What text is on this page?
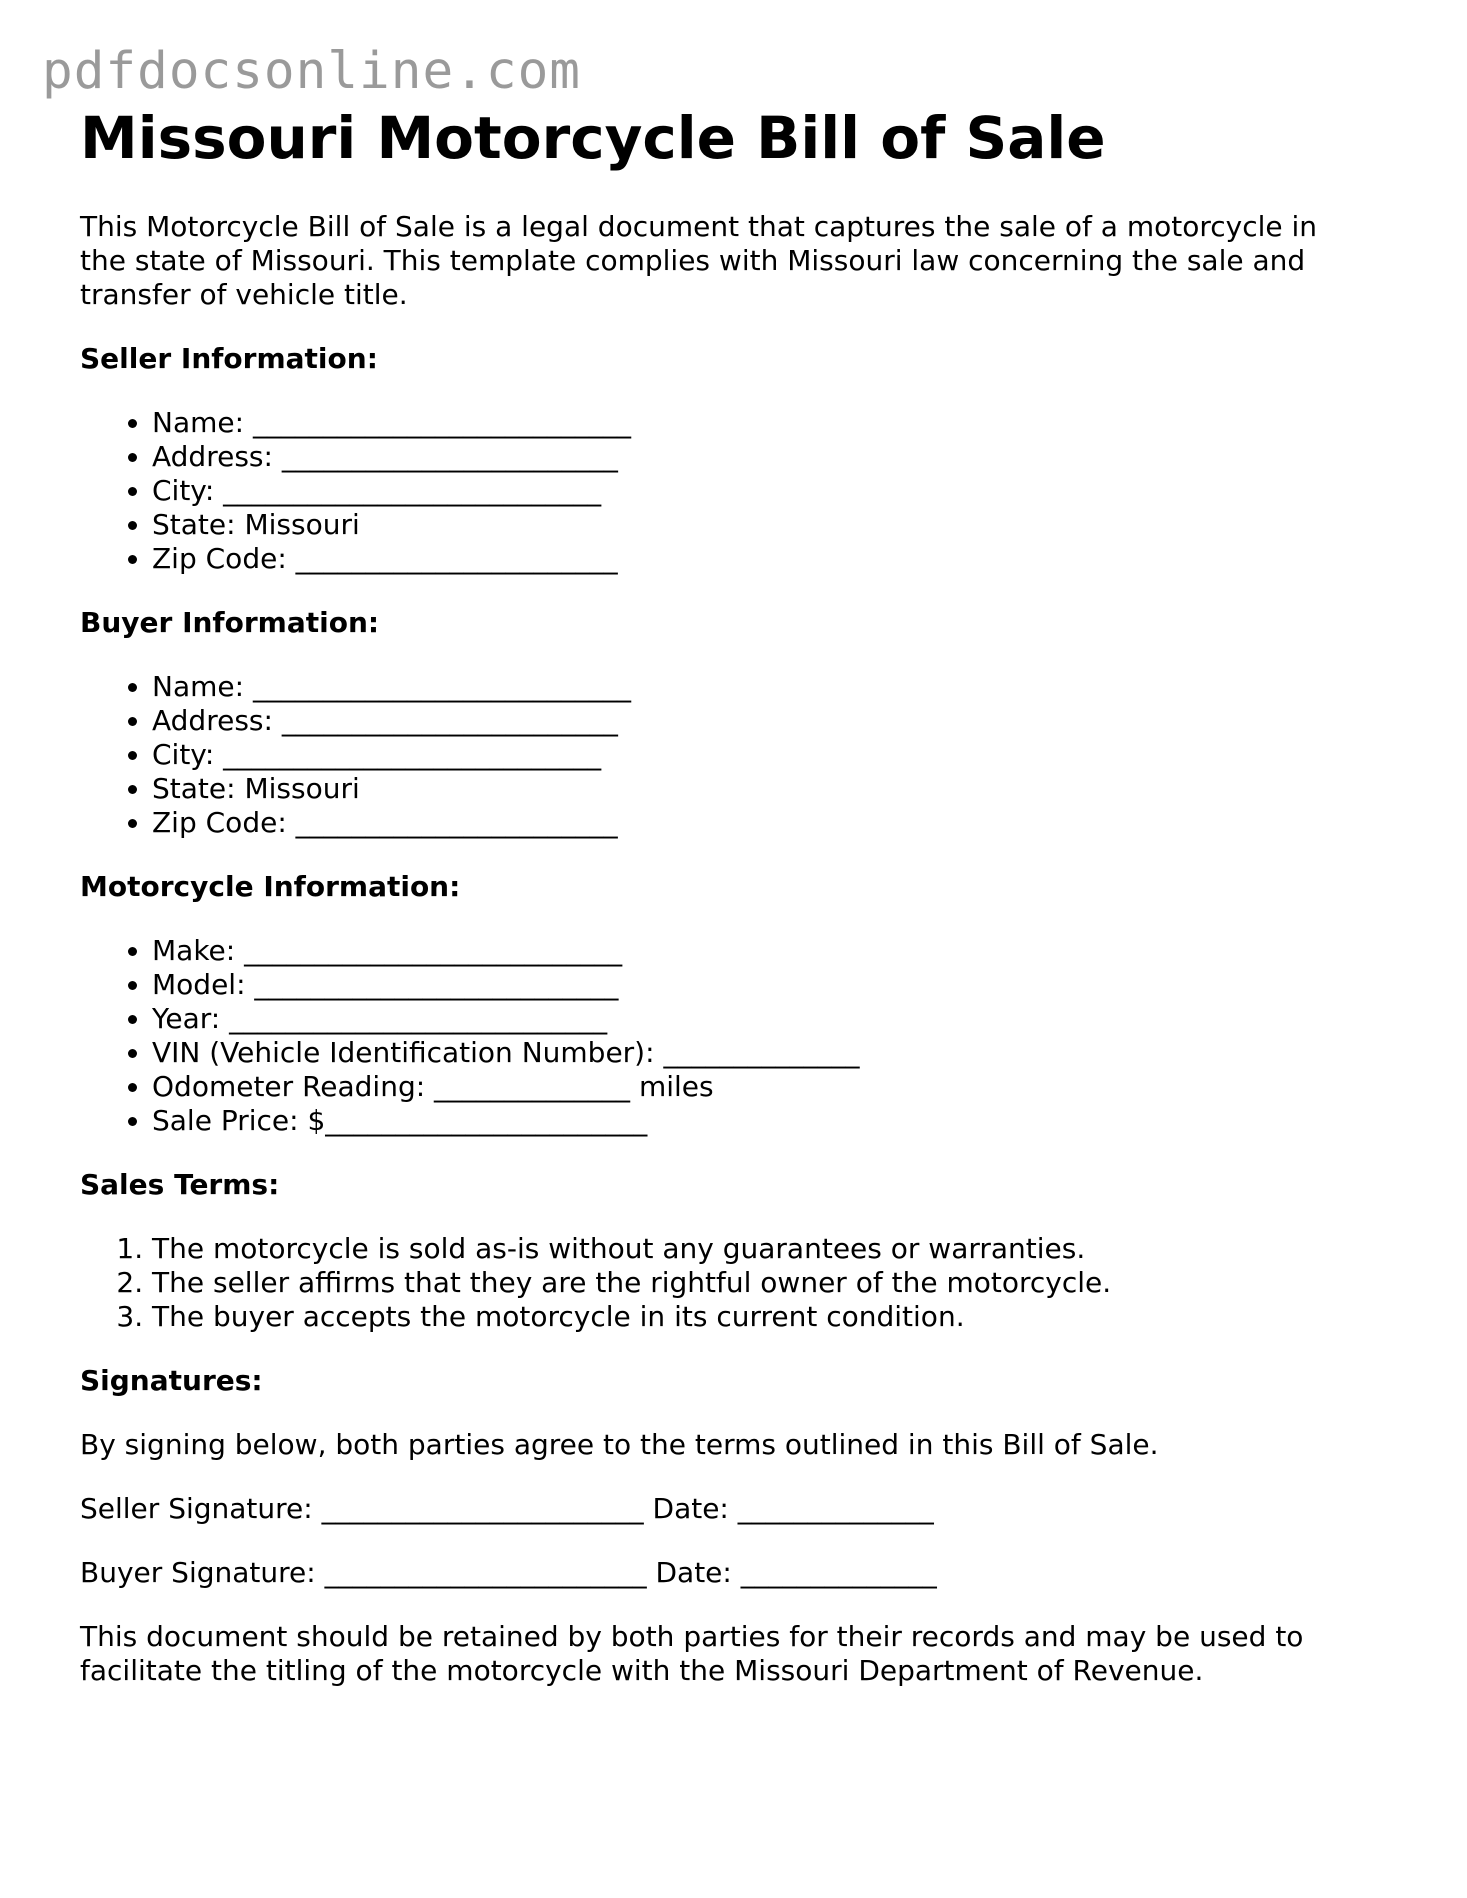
pdfdocsonline.com
Missouri Motorcycle Bill of Sale

This Motorcycle Bill of Sale is a legal document that captures the sale of a motorcycle in the state of Missouri. This template complies with Missouri law concerning the sale and transfer of vehicle title.

Seller Information:
• Name: ___________________________
• Address: ________________________
• City: ___________________________
• State: Missouri
• Zip Code: _______________________
Buyer Information:
• Name: ___________________________
• Address: ________________________
• City: ___________________________
• State: Missouri
• Zip Code: _______________________
Motorcycle Information:
• Make: ___________________________
• Model: __________________________
• Year: ___________________________
• VIN (Vehicle Identification Number): ______________
• Odometer Reading: ______________ miles
• Sale Price: $_______________________
Sales Terms:
1. The motorcycle is sold as-is without any guarantees or warranties.
2. The seller affirms that they are the rightful owner of the motorcycle.
3. The buyer accepts the motorcycle in its current condition.
Signatures:

By signing below, both parties agree to the terms outlined in this Bill of Sale.

Seller Signature: _______________________ Date: ______________

Buyer Signature: _______________________ Date: ______________

This document should be retained by both parties for their records and may be used to facilitate the titling of the motorcycle with the Missouri Department of Revenue.
